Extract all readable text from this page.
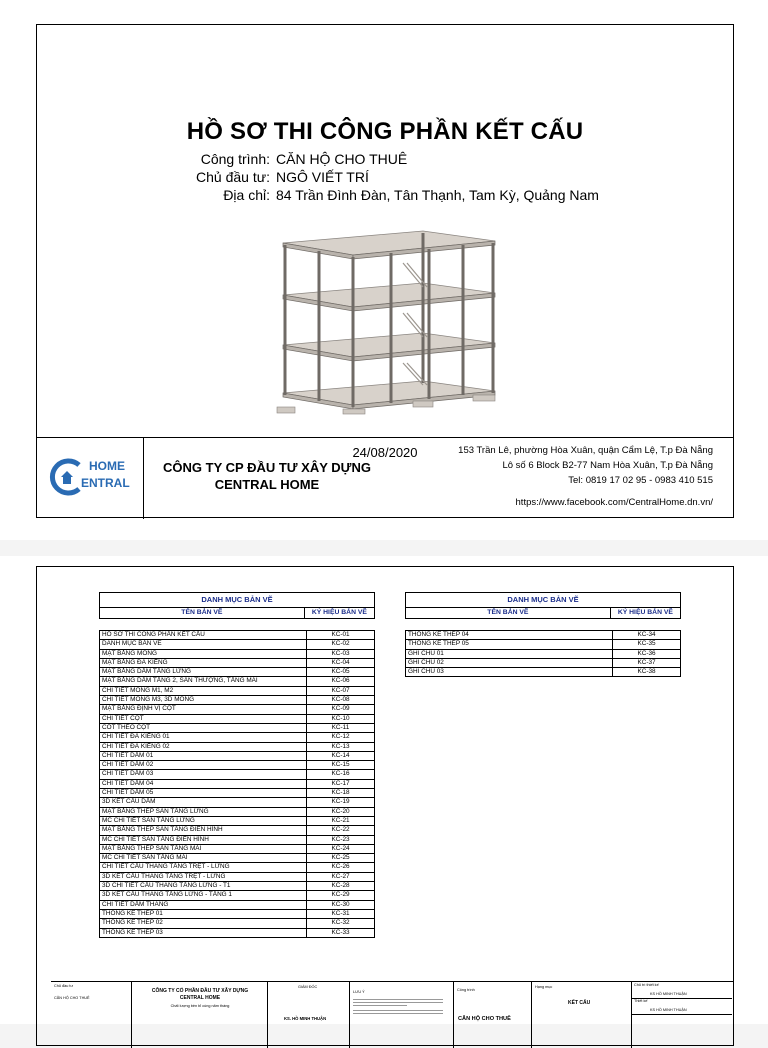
HỒ SƠ THI CÔNG PHẦN KẾT CẤU
Công trình: CĂN HỘ CHO THUÊ
Chủ đầu tư: NGÔ VIẾT TRÍ
Địa chỉ: 84 Trần Đình Đàn, Tân Thạnh, Tam Kỳ, Quảng Nam
24/08/2020
HOME
ENTRAL
CÔNG TY CP ĐẦU TƯ XÂY DỰNG
CENTRAL HOME
153 Trần Lê, phường Hòa Xuân, quận Cẩm Lệ, T.p Đà Nẵng
Lô số 6 Block B2-77 Nam Hòa Xuân, T.p Đà Nẵng
Tel: 0819 17 02 95 - 0983 410 515
https://www.facebook.com/CentralHome.dn.vn/
DANH MỤC BẢN VẼ
TÊN BẢN VẼ	KÝ HIỆU BẢN VẼ
HỒ SƠ THI CÔNG PHẦN KẾT CẤU	KC-01
DANH MỤC BẢN VẼ	KC-02
MẶT BẰNG MÓNG	KC-03
MẶT BẰNG ĐÀ KIỀNG	KC-04
MẶT BẰNG DẦM TẦNG LỬNG	KC-05
MẶT BẰNG DẦM TẦNG 2, SÂN THƯỢNG, TẦNG MÁI	KC-06
CHI TIẾT MÓNG M1, M2	KC-07
CHI TIẾT MÓNG M3, 3D MÓNG	KC-08
MẶT BẰNG ĐỊNH VỊ CỘT	KC-09
CHI TIẾT CỘT	KC-10
CỐT THÉO CỘT	KC-11
CHI TIẾT ĐÀ KIỀNG 01	KC-12
CHI TIẾT ĐÀ KIỀNG 02	KC-13
CHI TIẾT DẦM 01	KC-14
CHI TIẾT DẦM 02	KC-15
CHI TIẾT DẦM 03	KC-16
CHI TIẾT DẦM 04	KC-17
CHI TIẾT DẦM 05	KC-18
3D KẾT CẤU DẦM	KC-19
MẶT BẰNG THÉP SÀN TẦNG LỬNG	KC-20
MC CHI TIẾT SÀN TẦNG LỬNG	KC-21
MẶT BẰNG THÉP SÀN TẦNG ĐIỂN HÌNH	KC-22
MC CHI TIẾT SÀN TẦNG ĐIỂN HÌNH	KC-23
MẶT BẰNG THÉP SÀN TẦNG MÁI	KC-24
MC CHI TIẾT SÀN TẦNG MÁI	KC-25
CHI TIẾT CẦU THANG TẦNG TRỆT - LỬNG	KC-26
3D KẾT CẤU THANG TẦNG TRỆT - LỬNG	KC-27
3D CHI TIẾT CẦU THANG TẦNG LỬNG - T1	KC-28
3D KẾT CẤU THANG TẦNG LỬNG - TẦNG 1	KC-29
CHI TIẾT DẦM THANG	KC-30
THỐNG KÊ THÉP 01	KC-31
THỐNG KÊ THÉP 02	KC-32
THỐNG KÊ THÉP 03	KC-33
DANH MỤC BẢN VẼ
TÊN BẢN VẼ	KÝ HIỆU BẢN VẼ
THỐNG KÊ THÉP 04	KC-34
THỐNG KÊ THÉP 05	KC-35
GHI CHÚ 01	KC-36
GHI CHÚ 02	KC-37
GHI CHÚ 03	KC-38
Chủ đầu tư
CĂN HỘ CHO THUÊ
CÔNG TY CỔ PHẦN ĐẦU TƯ XÂY DỰNG
CENTRAL HOME
Chất lượng bền bỉ cùng năm tháng
GIÁM ĐỐC
KS. HỒ MINH THUẬN
LƯU Ý	Công trình
CĂN HỘ CHO THUÊ
Hạng mục
KẾT CẤU
Chủ trì thiết kế
KS HỒ MINH THUẬN
Thiết kế
KS HỒ MINH THUẬN
